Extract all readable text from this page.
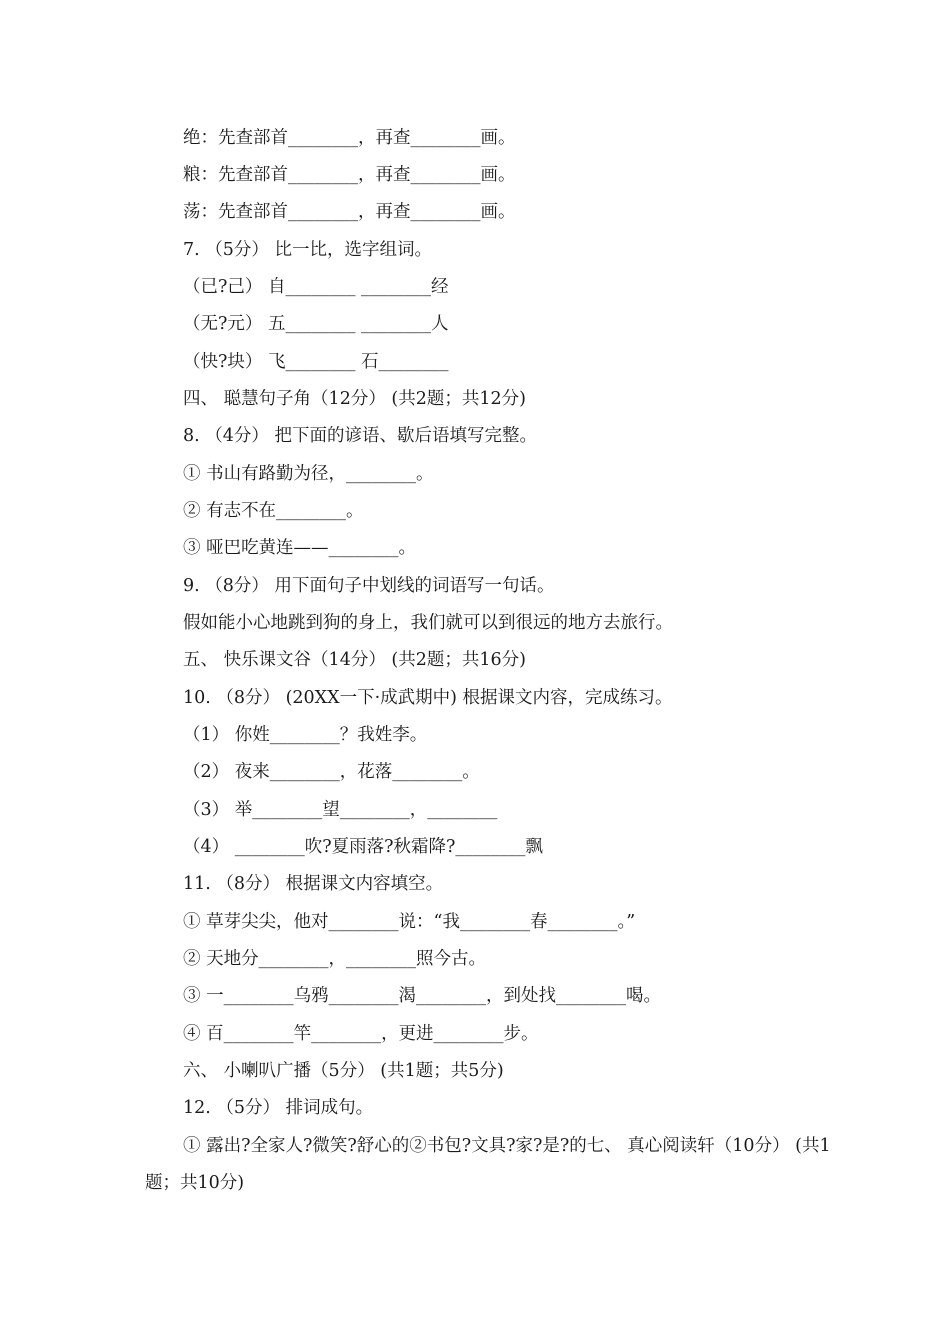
绝：先查部首________，再查________画。
粮：先查部首________，再查________画。
荡：先查部首________，再查________画。
7. （5分） 比一比，选字组词。
（已?己） 自________ ________经
（无?元） 五________ ________人
（快?块） 飞________ 石________
四、 聪慧句子角（12分） (共2题；共12分)
8. （4分） 把下面的谚语、歇后语填写完整。
① 书山有路勤为径，________。
② 有志不在________。
③ 哑巴吃黄连——________。
9. （8分） 用下面句子中划线的词语写一句话。
假如能小心地跳到狗的身上，我们就可以到很远的地方去旅行。
五、 快乐课文谷（14分） (共2题；共16分)
10. （8分） (20XX一下·成武期中) 根据课文内容，完成练习。
（1） 你姓________？我姓李。
（2） 夜来________，花落________。
（3） 举________望________，________
（4） ________吹?夏雨落?秋霜降?________飘
11. （8分） 根据课文内容填空。
① 草芽尖尖，他对________说：“我________春________。”
② 天地分________，________照今古。
③ 一________乌鸦________渴________，到处找________喝。
④ 百________竿________，更进________步。
六、 小喇叭广播（5分） (共1题；共5分)
12. （5分） 排词成句。
① 露出?全家人?微笑?舒心的②书包?文具?家?是?的七、 真心阅读轩（10分） (共1题；共10分)
